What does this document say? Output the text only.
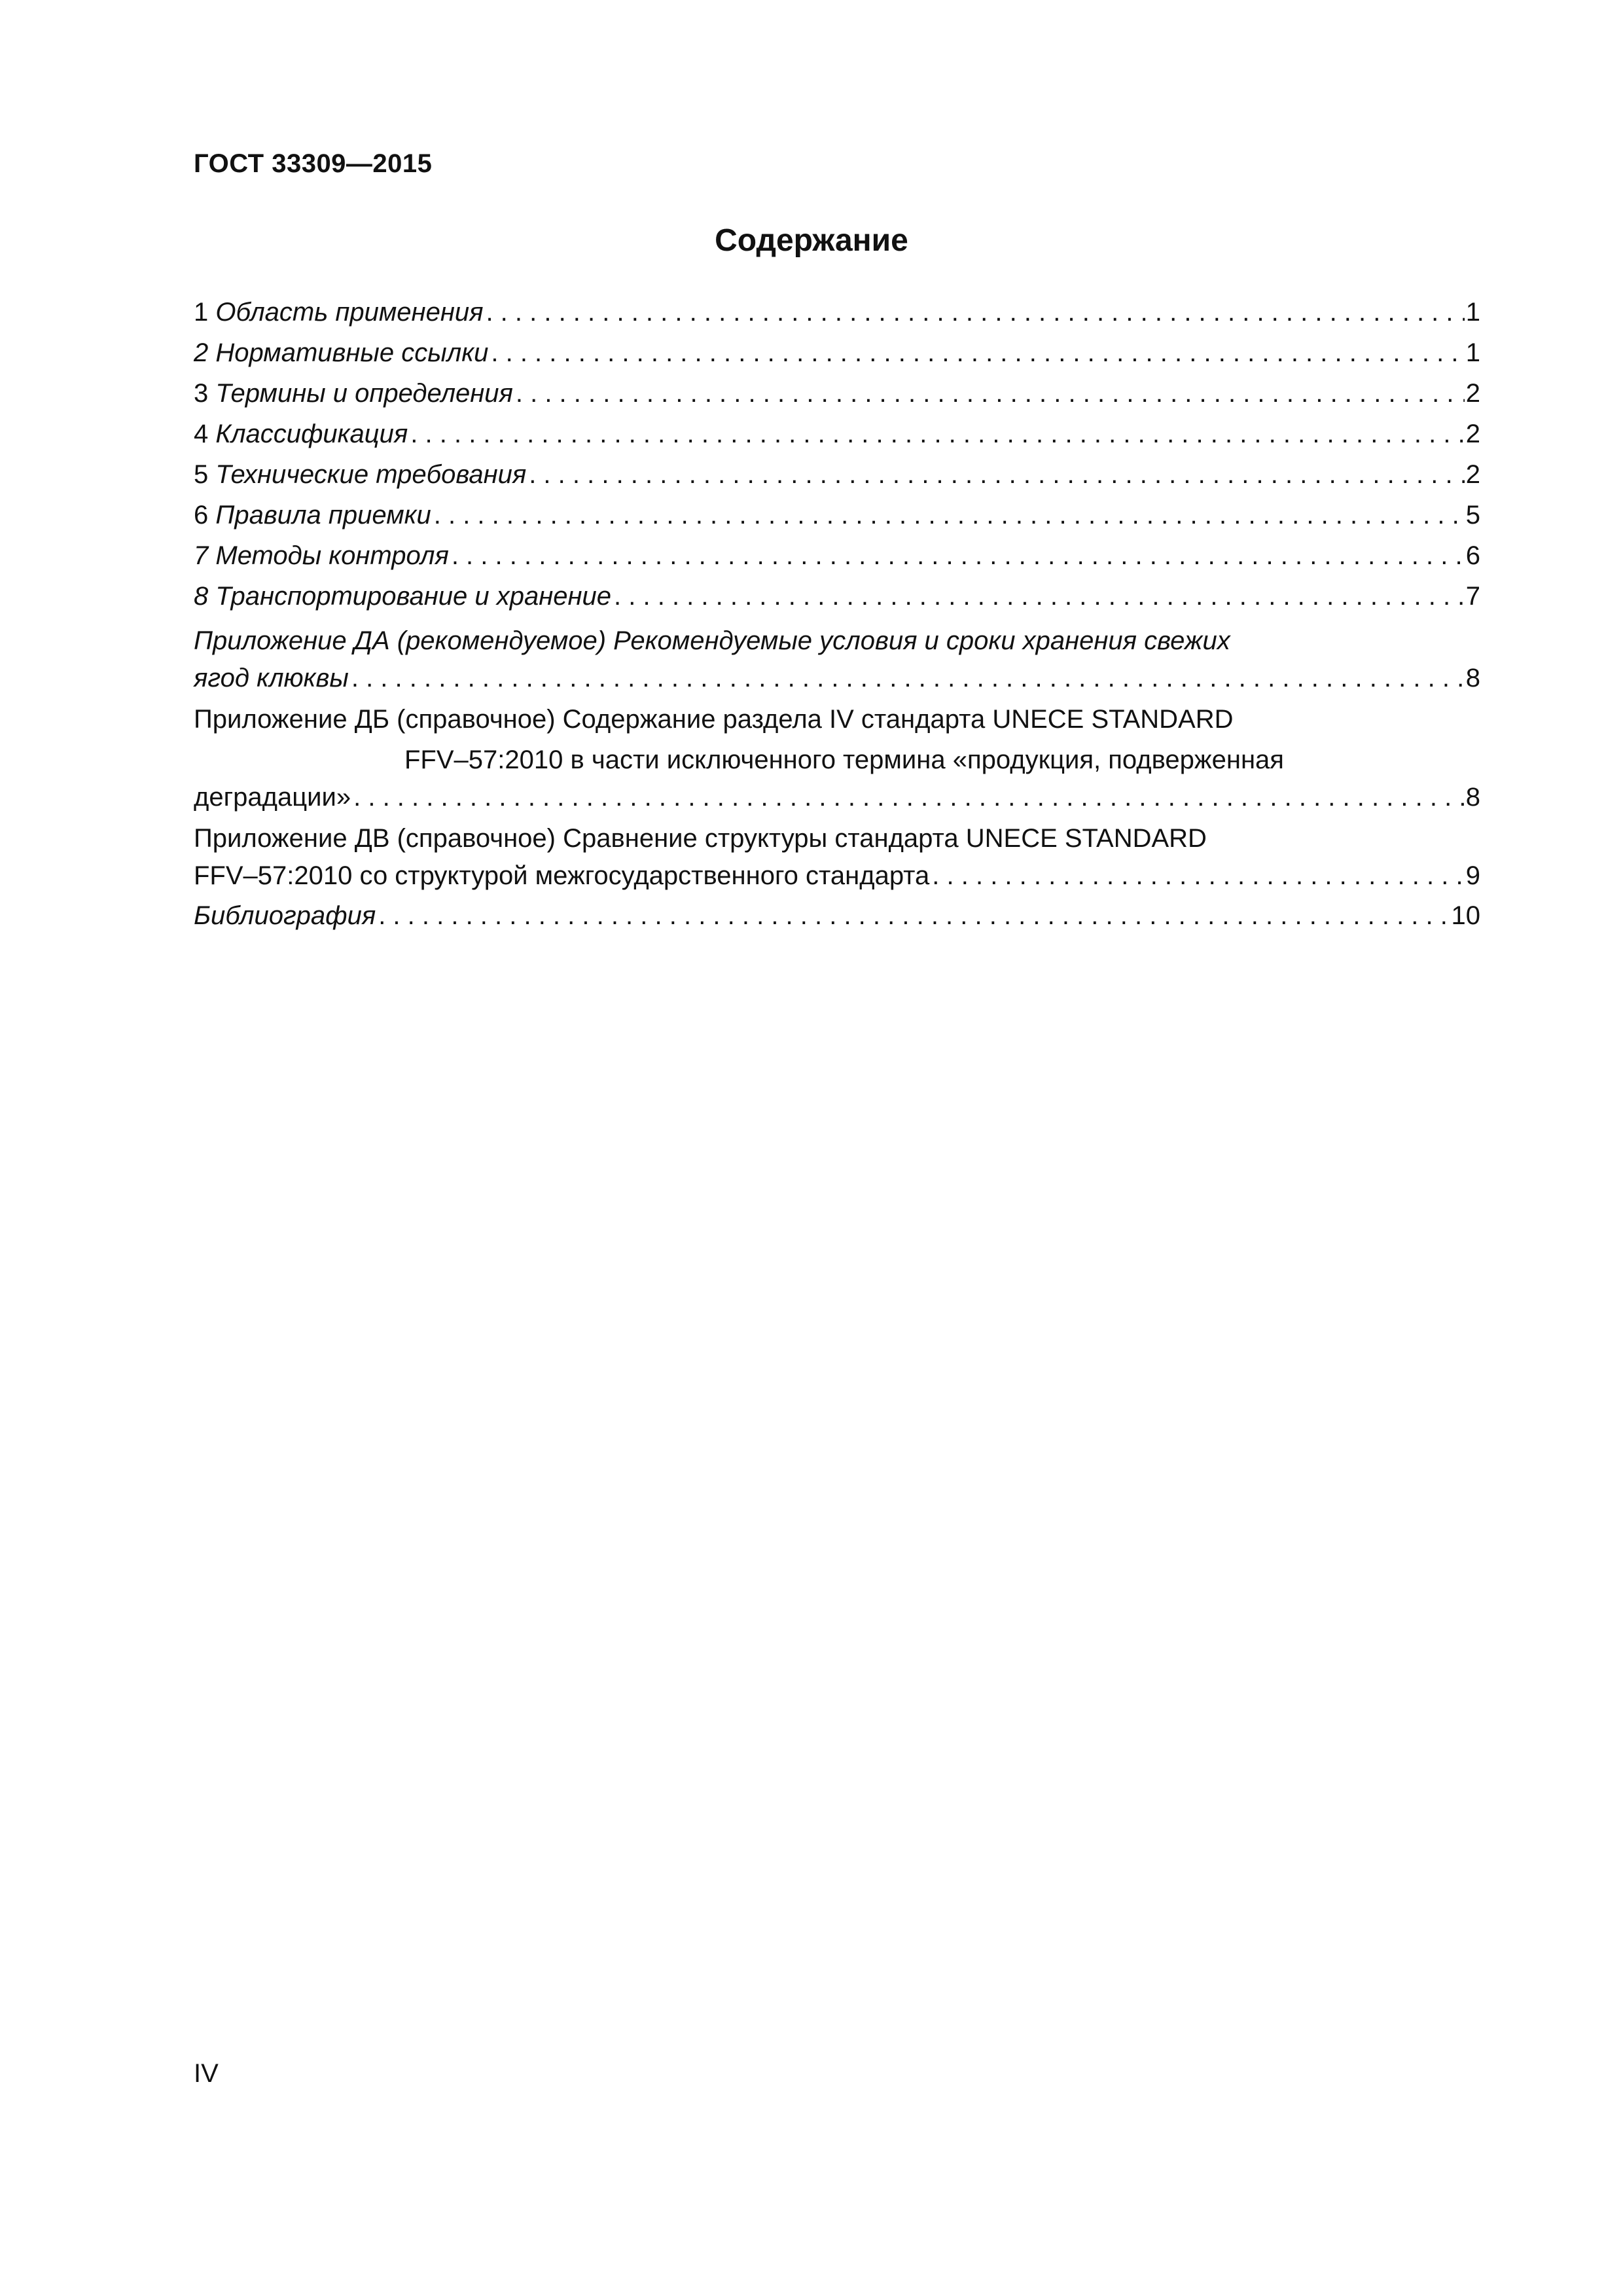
ГОСТ 33309—2015
Содержание
1 Область применения . . .	1
2 Нормативные ссылки . . .	1
3 Термины и определения . . .	2
4 Классификация . . .	2
5 Технические требования . . .	2
6 Правила приемки . . .	5
7 Методы контроля . . .	6
8 Транспортирование и хранение . . .	7
Приложение ДА (рекомендуемое) Рекомендуемые условия и сроки хранения свежих
ягод клюквы . . .	8
Приложение ДБ (справочное) Содержание раздела IV стандарта UNECE STANDARD
FFV–57:2010 в части исключенного термина «продукция, подверженная
деградации» . . .	8
Приложение ДВ (справочное) Сравнение структуры стандарта UNECE STANDARD
FFV–57:2010 со структурой межгосударственного стандарта . . .	9
Библиография . . .	10
IV
